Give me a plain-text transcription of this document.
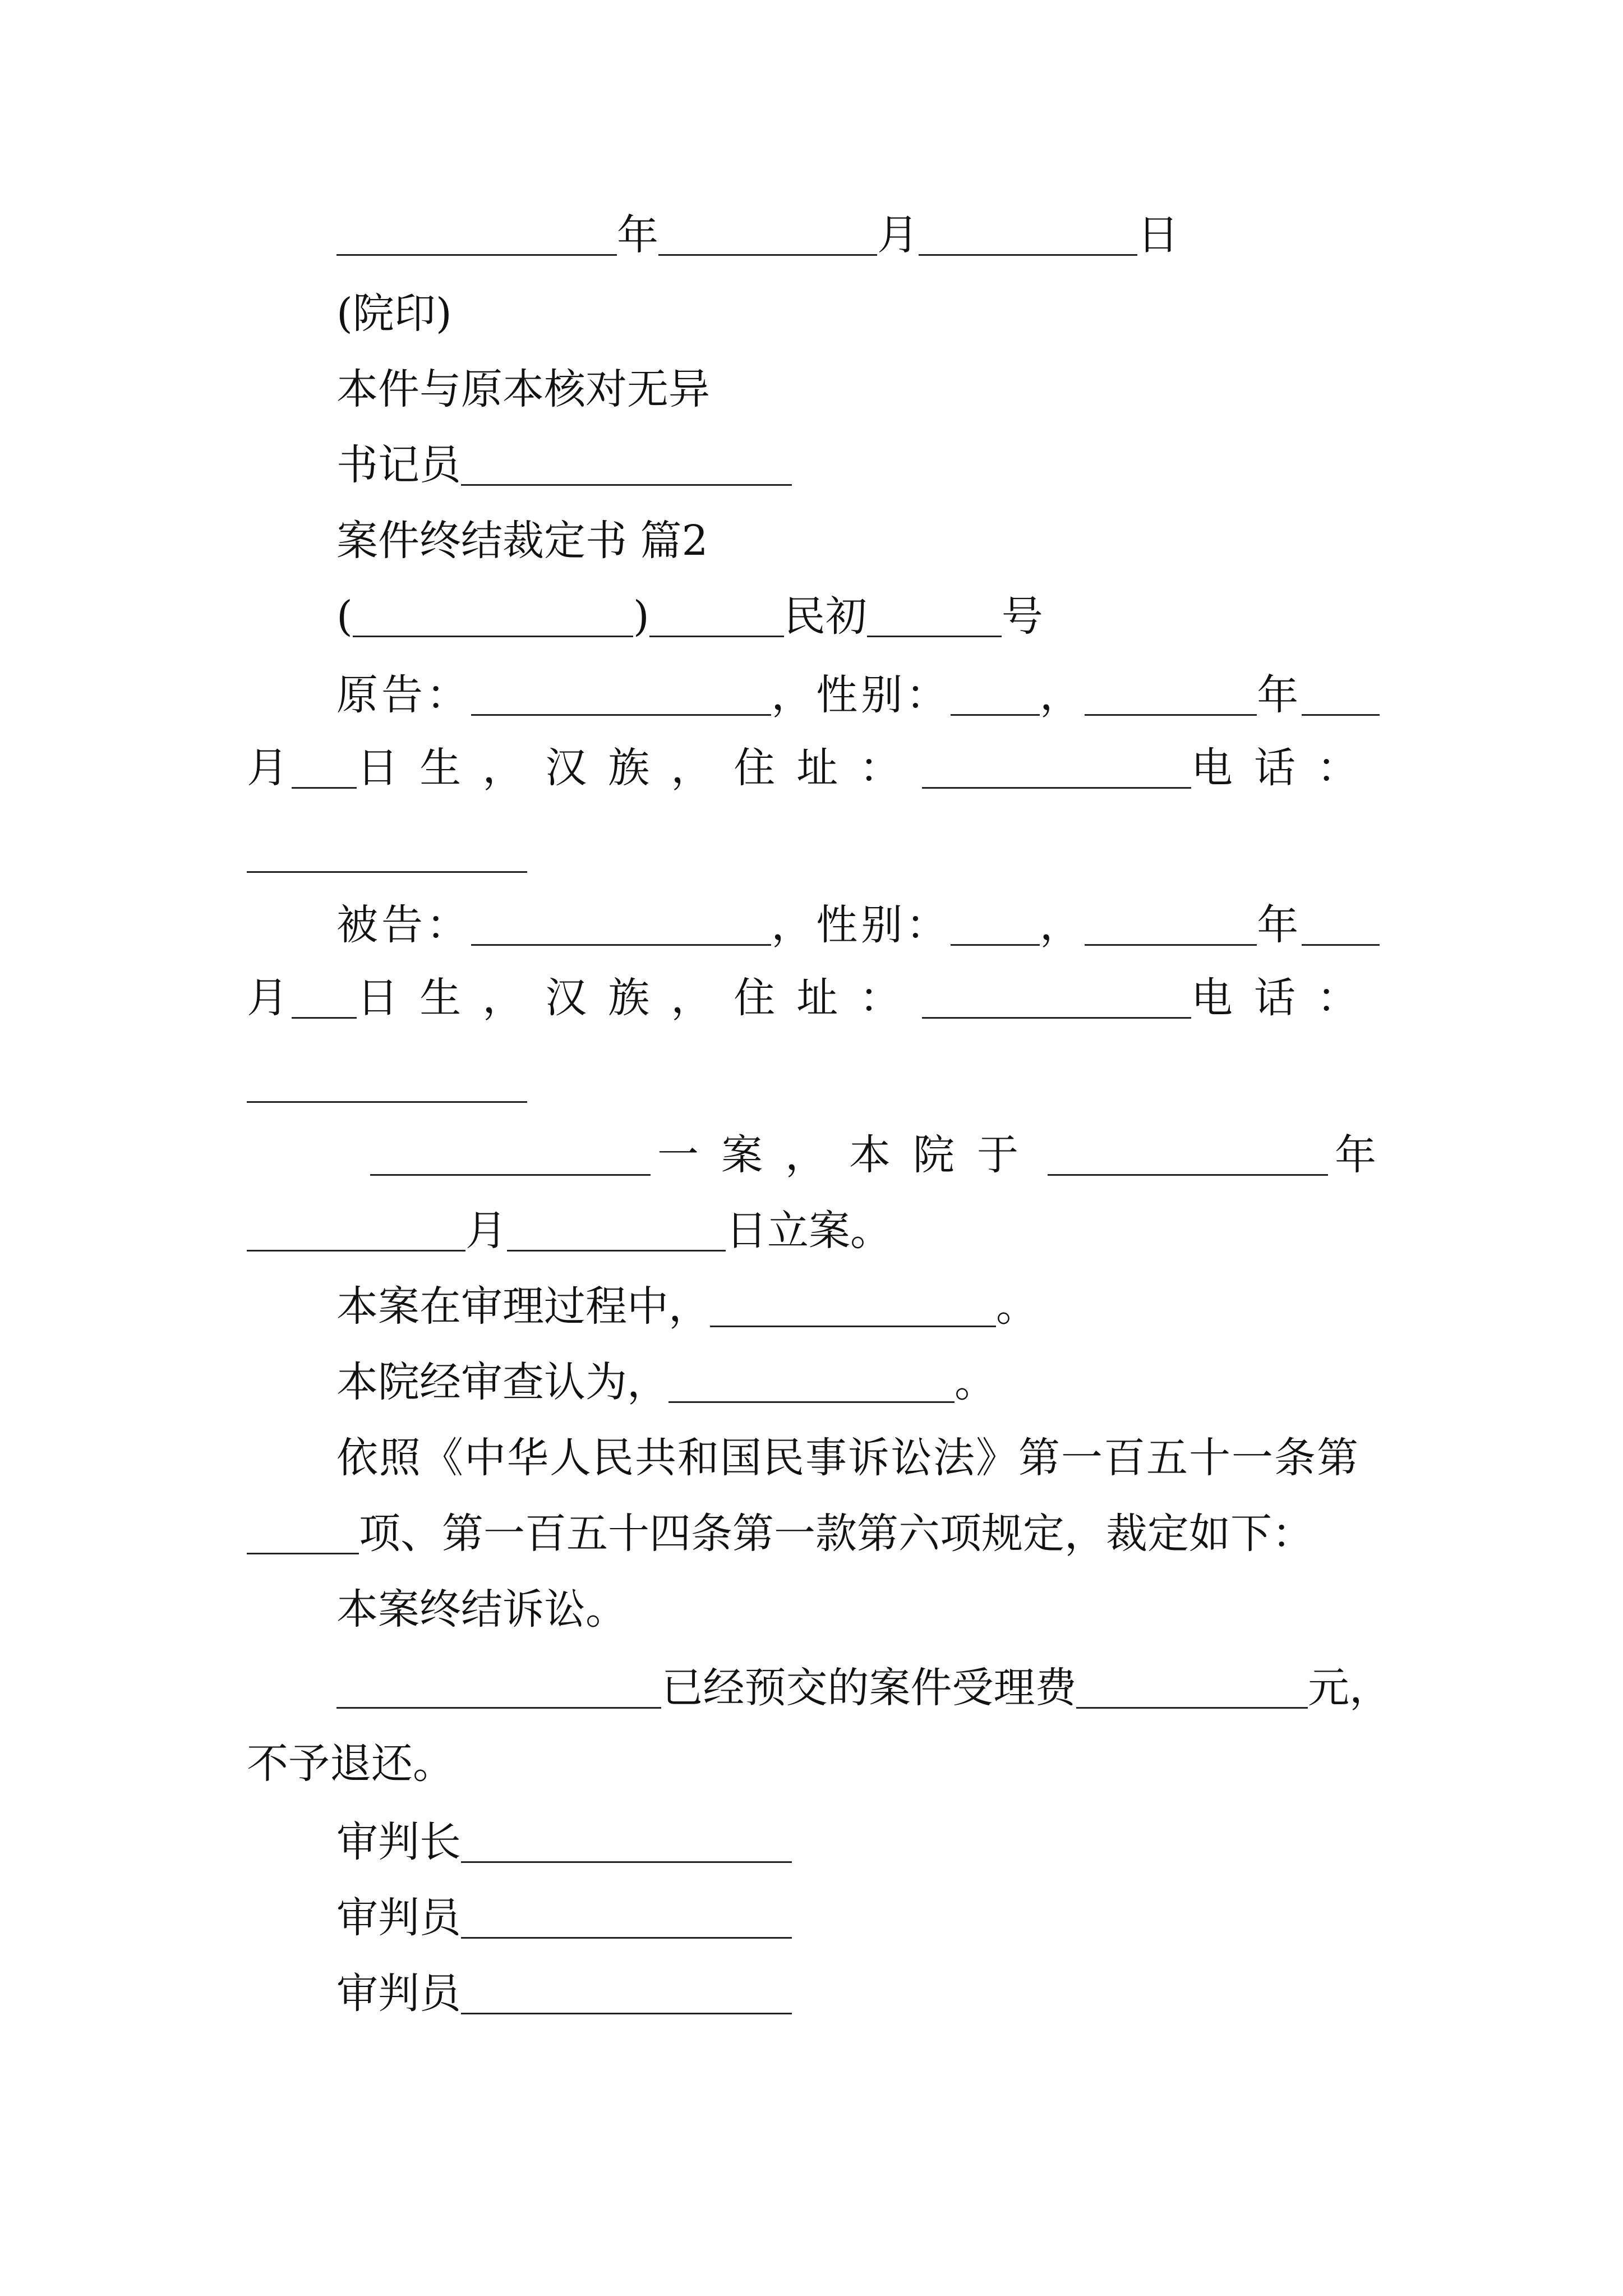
年	月	日
(院印)
本件与原本核对无异
书记员
案件终结裁定书 篇2
(	)	民初	号
原告：	，性别： ，	年
月 日生，汉族，住址：	电话：
被告：	，性别： ，	年
月 日生，汉族，住址：	电话：
一案，本院于	年
月	日立案。
本案在审理过程中，	。
本院经审查认为，	。
依照《中华人民共和国民事诉讼法》第一百五十一条第
项、第一百五十四条第一款第六项规定，裁定如下：
本案终结诉讼。
已经预交的案件受理费	元，
不予退还。
审判长
审判员
审判员
